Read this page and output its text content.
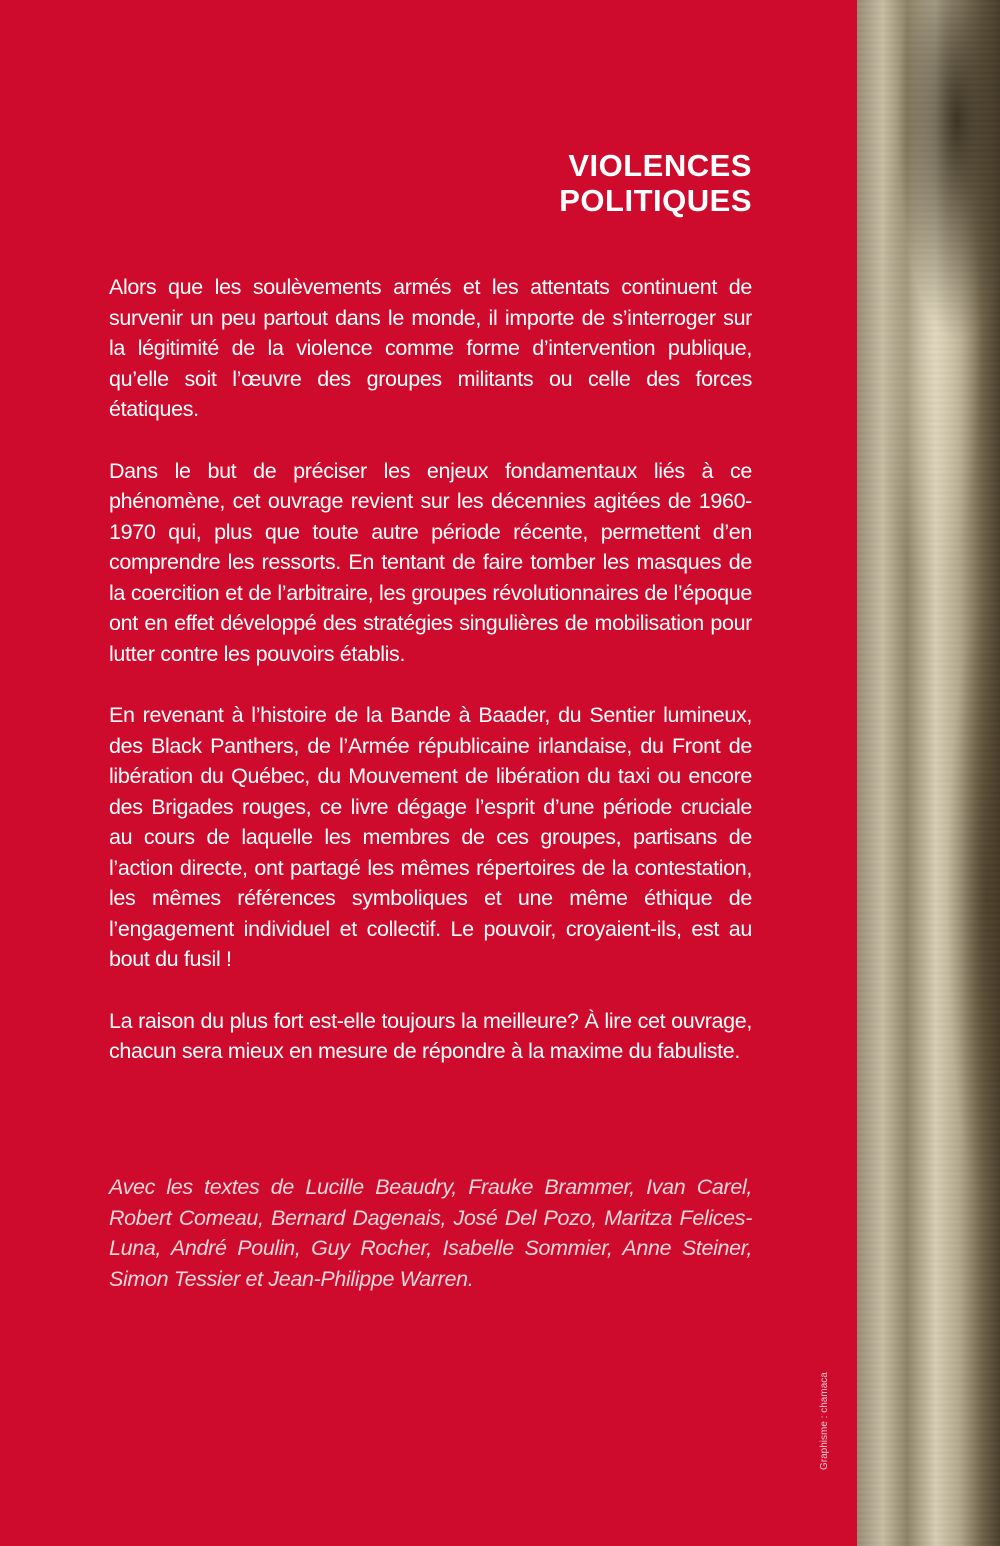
VIOLENCES
POLITIQUES

Alors que les soulèvements armés et les attentats continuent de survenir un peu partout dans le monde, il importe de s’interroger sur la légitimité de la violence comme forme d’intervention publique, qu’elle soit l’œuvre des groupes militants ou celle des forces étatiques.

Dans le but de préciser les enjeux fondamentaux liés à ce phénomène, cet ouvrage revient sur les décennies agitées de 1960-1970 qui, plus que toute autre période récente, permettent d’en comprendre les ressorts. En tentant de faire tomber les masques de la coercition et de l’arbitraire, les groupes révolutionnaires de l’époque ont en effet développé des stratégies singulières de mobilisation pour lutter contre les pouvoirs établis.

En revenant à l’histoire de la Bande à Baader, du Sentier lumineux, des Black Panthers, de l’Armée républicaine irlandaise, du Front de libération du Québec, du Mouvement de libération du taxi ou encore des Brigades rouges, ce livre dégage l’esprit d’une période cruciale au cours de laquelle les membres de ces groupes, partisans de l’action directe, ont partagé les mêmes répertoires de la contestation, les mêmes références symboliques et une même éthique de l’engagement individuel et collectif. Le pouvoir, croyaient-ils, est au bout du fusil !

La raison du plus fort est-elle toujours la meilleure? À lire cet ouvrage, chacun sera mieux en mesure de répondre à la maxime du fabuliste.

Avec les textes de Lucille Beaudry, Frauke Brammer, Ivan Carel, Robert Comeau, Bernard Dagenais, José Del Pozo, Maritza Felices-Luna, André Poulin, Guy Rocher, Isabelle Sommier, Anne Steiner, Simon Tessier et Jean-Philippe Warren.

Graphisme : chamaca
